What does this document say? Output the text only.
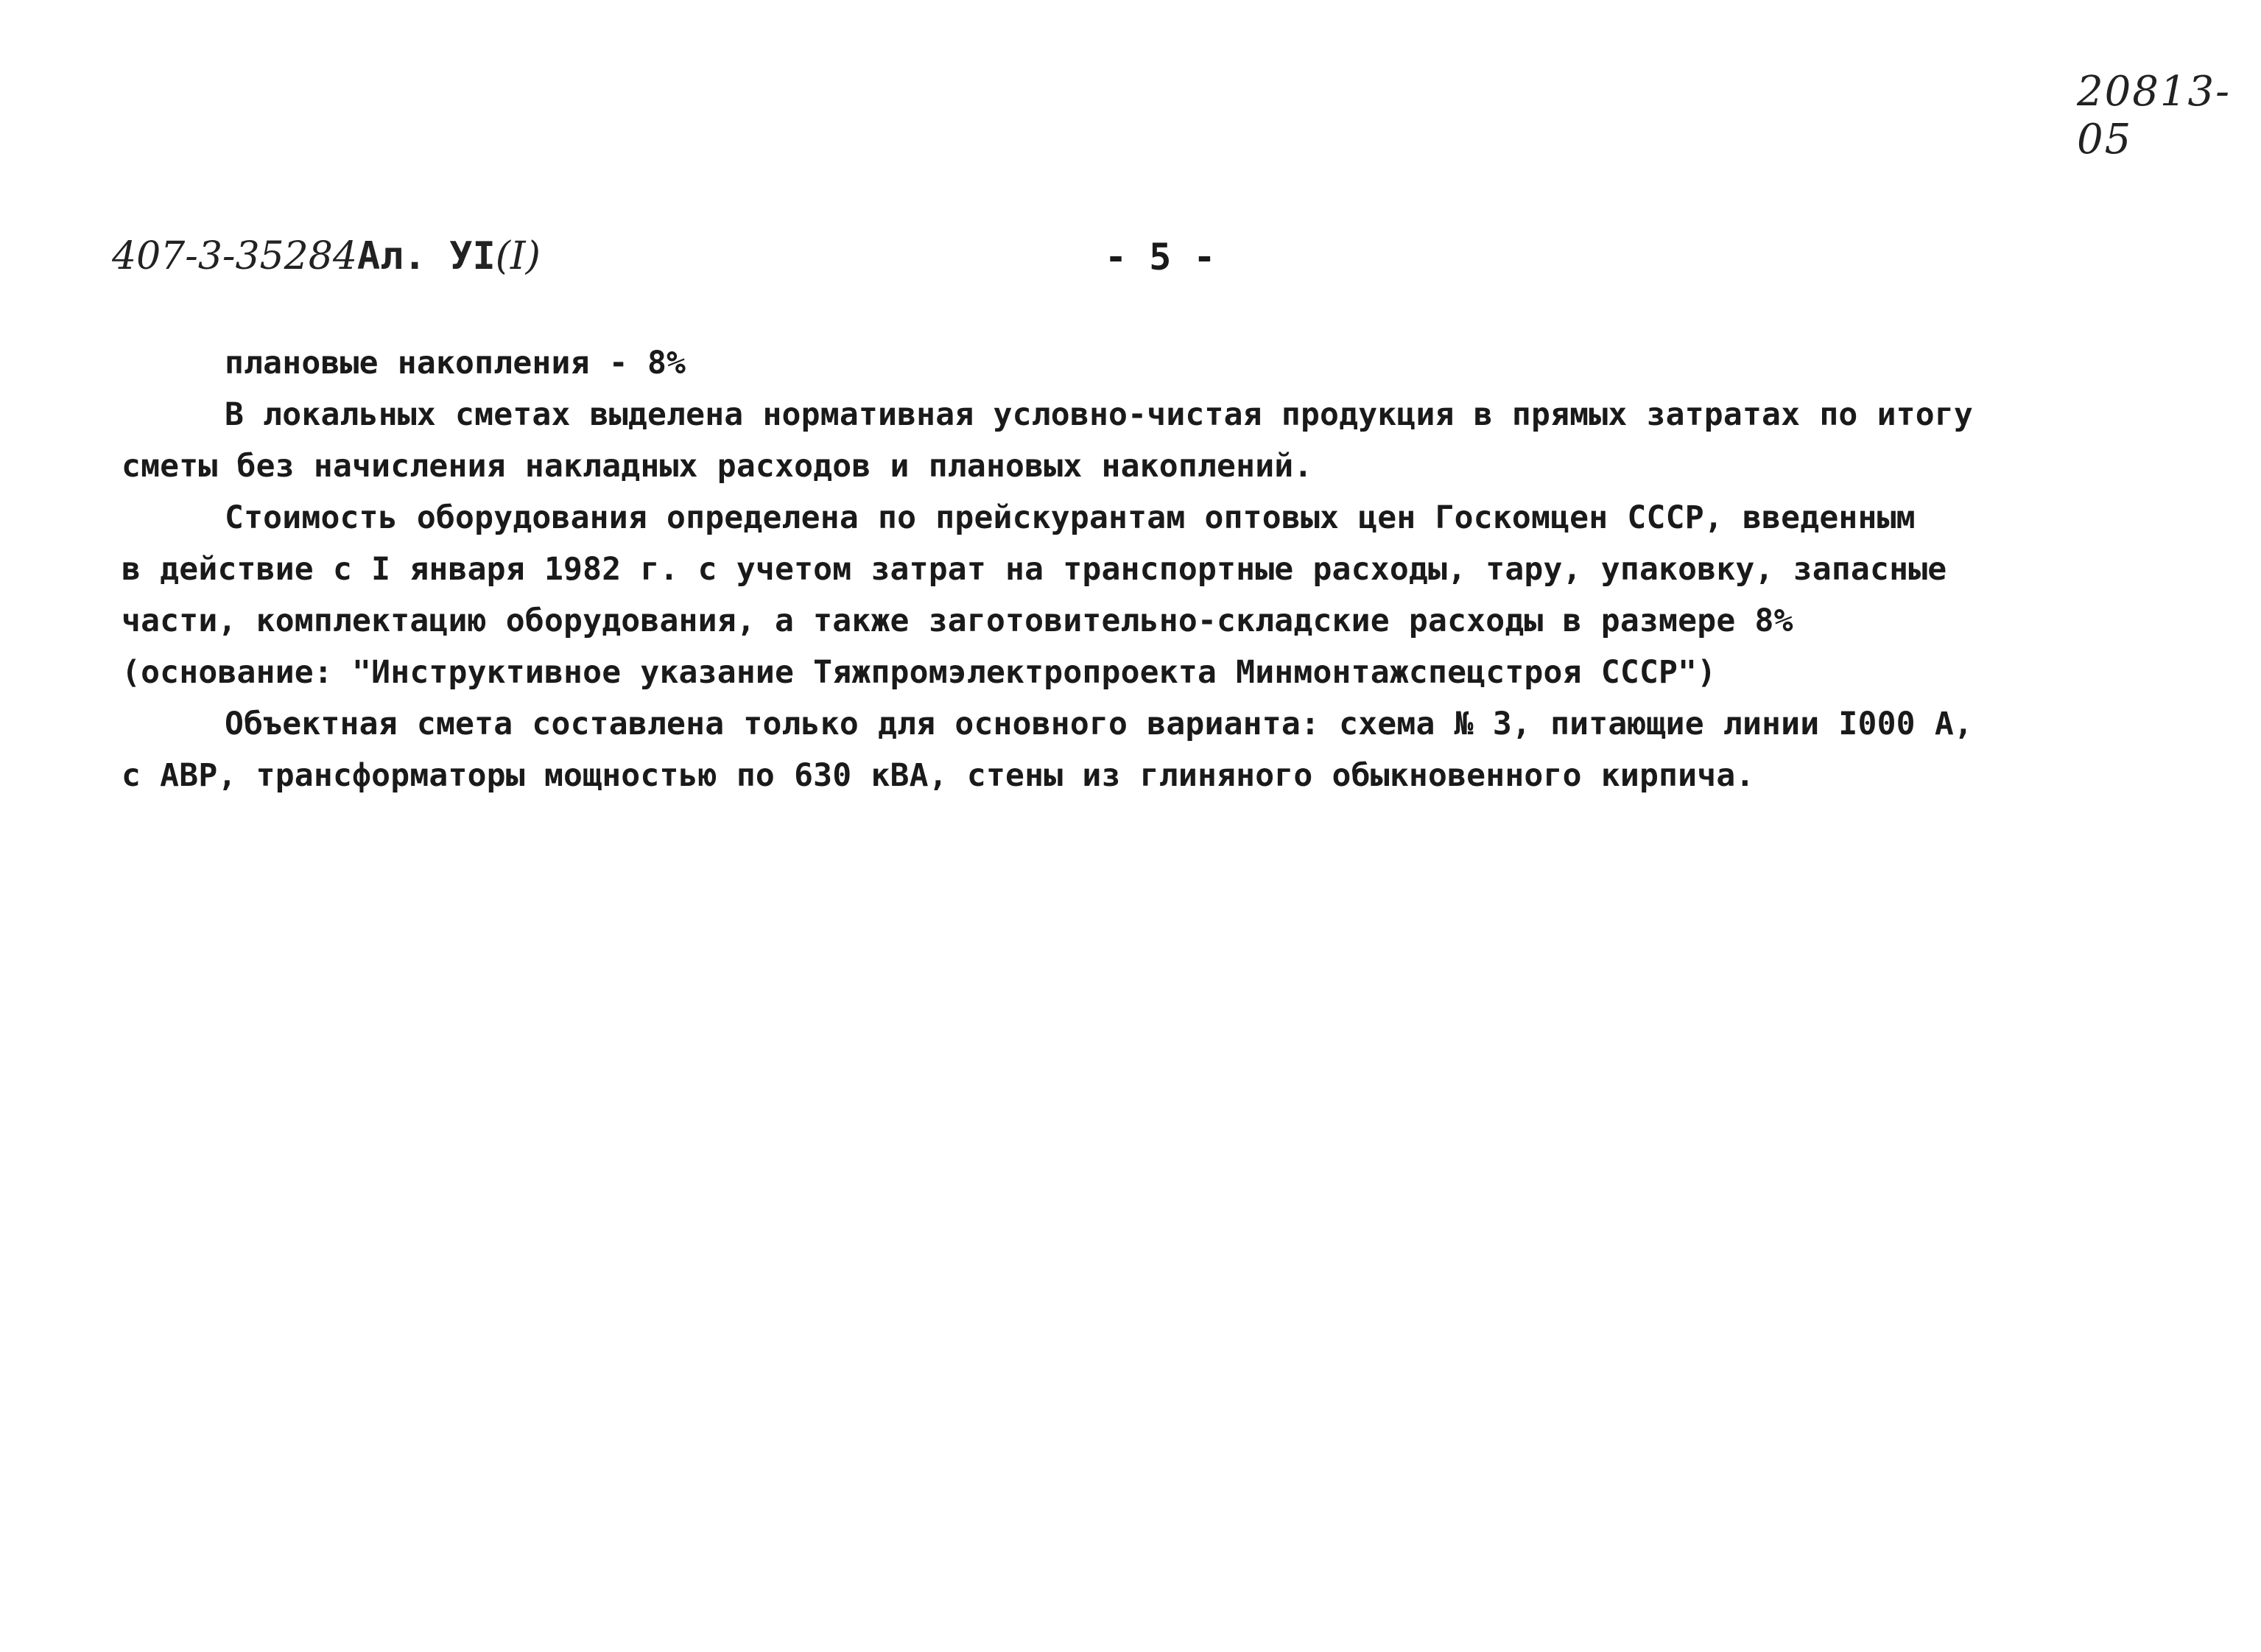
20813-05
407-3-35284Ал. УI(I)	- 5 -
плановые накопления - 8%
В локальных сметах выделена нормативная условно-чистая продукция в прямых затратах по итогу
сметы без начисления накладных расходов и плановых накоплений.
Стоимость оборудования определена по прейскурантам оптовых цен Госкомцен СССР, введенным
в действие с I января 1982 г. с учетом затрат на транспортные расходы, тару, упаковку, запасные
части, комплектацию оборудования, а также заготовительно-складские расходы в размере 8%
(основание: "Инструктивное указание Тяжпромэлектропроекта Минмонтажспецстроя СССР")
Объектная смета составлена только для основного варианта: схема № 3, питающие линии I000 А,
с АВР, трансформаторы мощностью по 630 кВА, стены из глиняного обыкновенного кирпича.
